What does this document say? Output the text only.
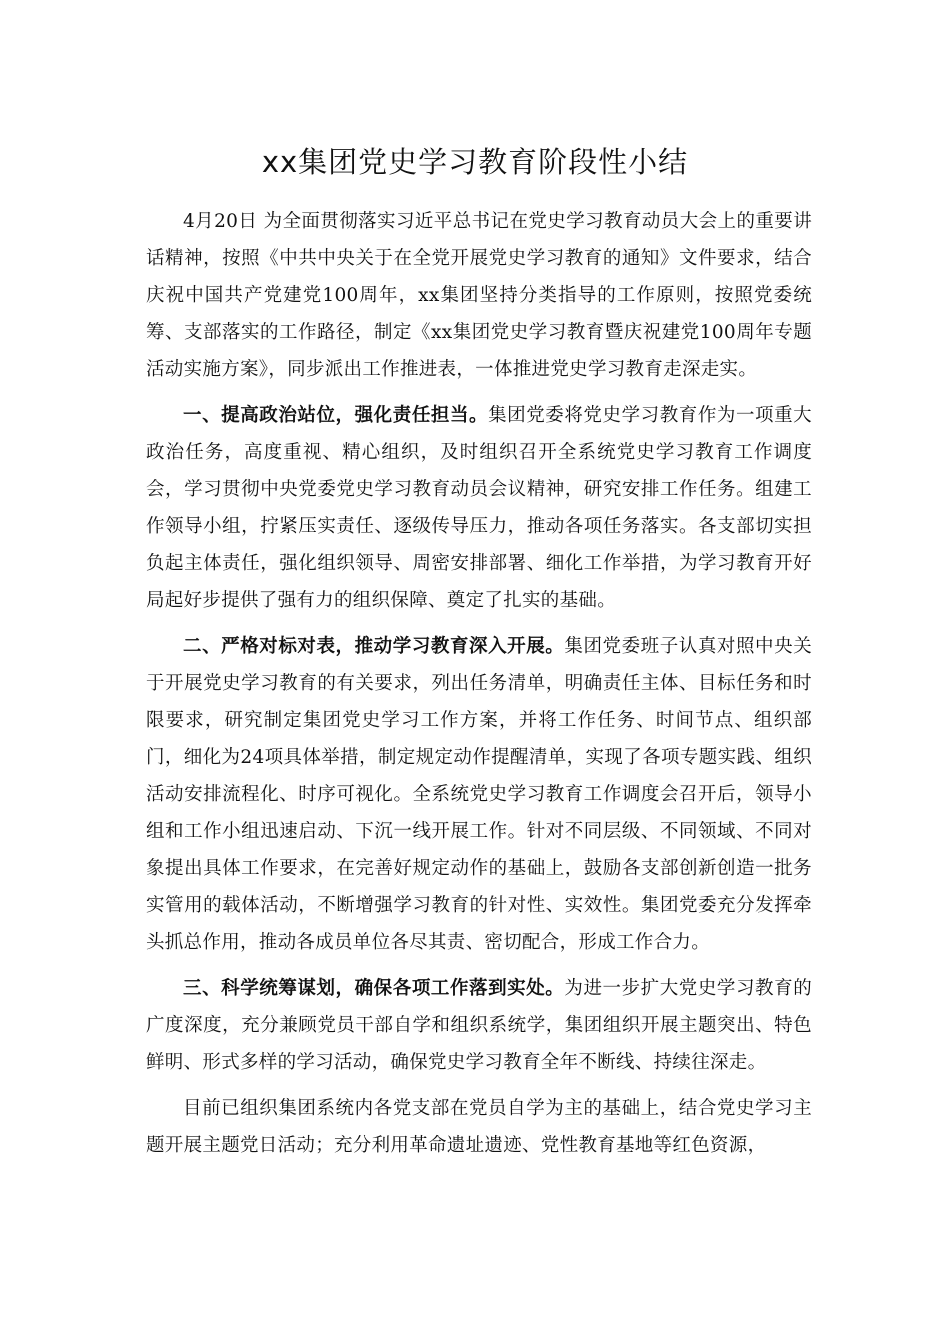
xx集团党史学习教育阶段性小结

4月20日 为全面贯彻落实习近平总书记在党史学习教育动员大会上的重要讲话精神，按照《中共中央关于在全党开展党史学习教育的通知》文件要求，结合庆祝中国共产党建党100周年，xx集团坚持分类指导的工作原则，按照党委统筹、支部落实的工作路径，制定《xx集团党史学习教育暨庆祝建党100周年专题活动实施方案》，同步派出工作推进表，一体推进党史学习教育走深走实。

一、提高政治站位，强化责任担当。集团党委将党史学习教育作为一项重大政治任务，高度重视、精心组织，及时组织召开全系统党史学习教育工作调度会，学习贯彻中央党委党史学习教育动员会议精神，研究安排工作任务。组建工作领导小组，拧紧压实责任、逐级传导压力，推动各项任务落实。各支部切实担负起主体责任，强化组织领导、周密安排部署、细化工作举措，为学习教育开好局起好步提供了强有力的组织保障、奠定了扎实的基础。

二、严格对标对表，推动学习教育深入开展。集团党委班子认真对照中央关于开展党史学习教育的有关要求，列出任务清单，明确责任主体、目标任务和时限要求，研究制定集团党史学习工作方案，并将工作任务、时间节点、组织部门，细化为24项具体举措，制定规定动作提醒清单，实现了各项专题实践、组织活动安排流程化、时序可视化。全系统党史学习教育工作调度会召开后，领导小组和工作小组迅速启动、下沉一线开展工作。针对不同层级、不同领域、不同对象提出具体工作要求，在完善好规定动作的基础上，鼓励各支部创新创造一批务实管用的载体活动，不断增强学习教育的针对性、实效性。集团党委充分发挥牵头抓总作用，推动各成员单位各尽其责、密切配合，形成工作合力。

三、科学统筹谋划，确保各项工作落到实处。为进一步扩大党史学习教育的广度深度，充分兼顾党员干部自学和组织系统学，集团组织开展主题突出、特色鲜明、形式多样的学习活动，确保党史学习教育全年不断线、持续往深走。

目前已组织集团系统内各党支部在党员自学为主的基础上，结合党史学习主题开展主题党日活动；充分利用革命遗址遗迹、党性教育基地等红色资源，
